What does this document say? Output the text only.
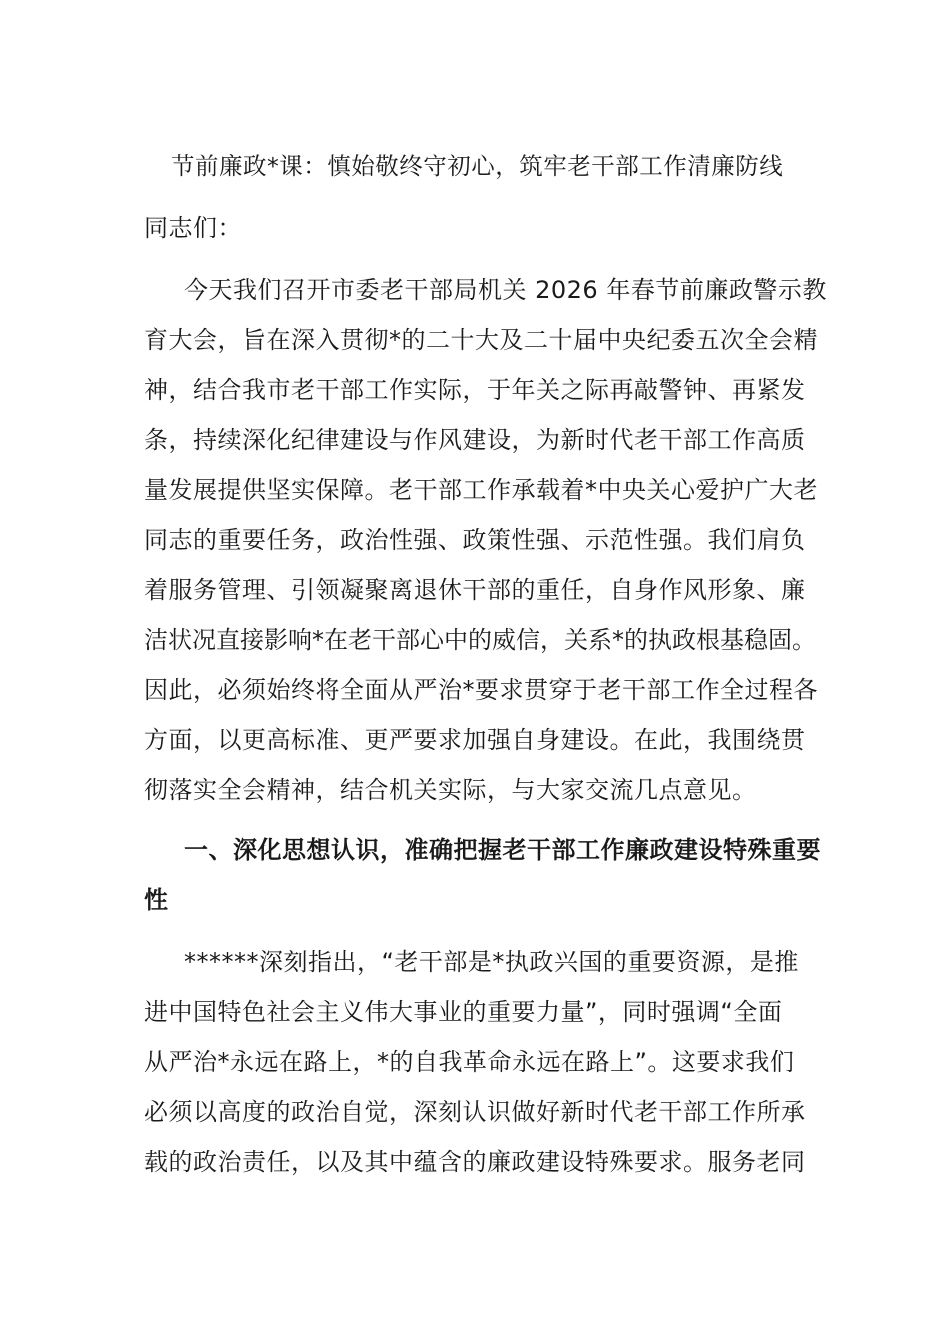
节前廉政*课：慎始敬终守初心，筑牢老干部工作清廉防线
同志们：
今天我们召开市委老干部局机关 2026 年春节前廉政警示教
育大会，旨在深入贯彻*的二十大及二十届中央纪委五次全会精
神，结合我市老干部工作实际，于年关之际再敲警钟、再紧发
条，持续深化纪律建设与作风建设，为新时代老干部工作高质
量发展提供坚实保障。老干部工作承载着*中央关心爱护广大老
同志的重要任务，政治性强、政策性强、示范性强。我们肩负
着服务管理、引领凝聚离退休干部的重任，自身作风形象、廉
洁状况直接影响*在老干部心中的威信，关系*的执政根基稳固。
因此，必须始终将全面从严治*要求贯穿于老干部工作全过程各
方面，以更高标准、更严要求加强自身建设。在此，我围绕贯
彻落实全会精神，结合机关实际，与大家交流几点意见。
一、深化思想认识，准确把握老干部工作廉政建设特殊重要
性
******深刻指出，“老干部是*执政兴国的重要资源，是推
进中国特色社会主义伟大事业的重要力量”，同时强调“全面
从严治*永远在路上，*的自我革命永远在路上”。这要求我们
必须以高度的政治自觉，深刻认识做好新时代老干部工作所承
载的政治责任，以及其中蕴含的廉政建设特殊要求。服务老同
